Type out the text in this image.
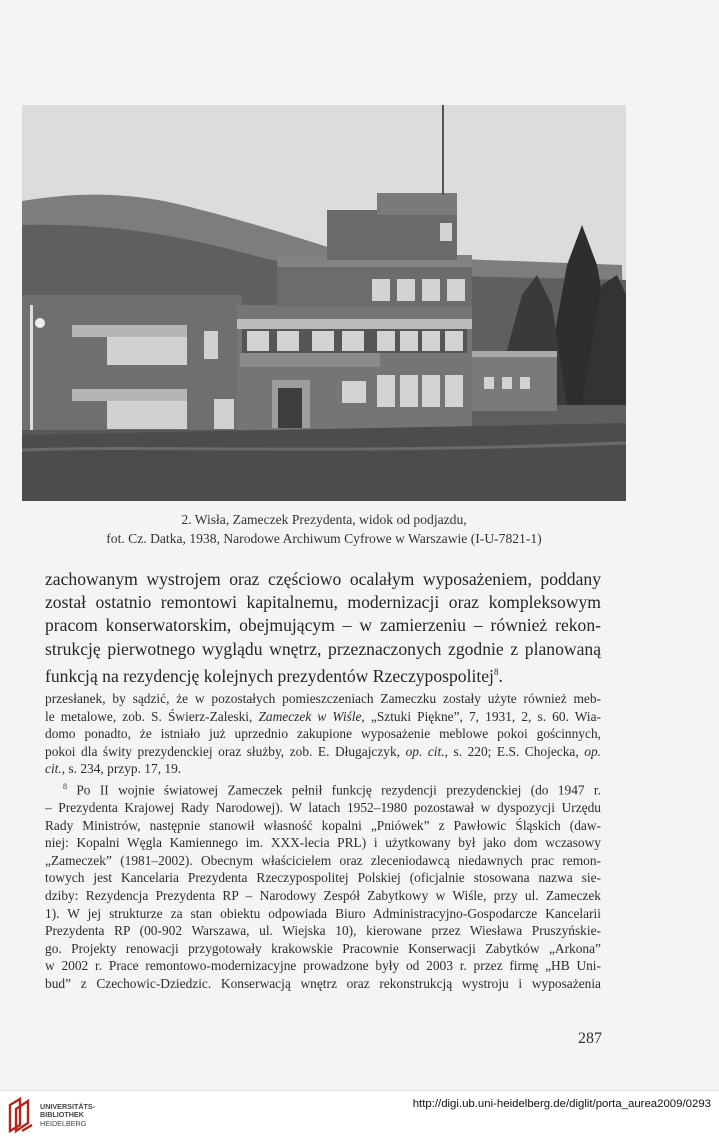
2. Wisła, Zameczek Prezydenta, widok od podjazdu,
fot. Cz. Datka, 1938, Narodowe Archiwum Cyfrowe w Warszawie (I-U-7821-1)
zachowanym wystrojem oraz częściowo ocalałym wyposażeniem, poddany
został ostatnio remontowi kapitalnemu, modernizacji oraz kompleksowym
pracom konserwatorskim, obejmującym – w zamierzeniu – również rekon-
strukcję pierwotnego wyglądu wnętrz, przeznaczonych zgodnie z planowaną
funkcją na rezydencję kolejnych prezydentów Rzeczypospolitej$^8$.
przesłanek, by sądzić, że w pozostałych pomieszczeniach Zameczku zostały użyte również meb-
le metalowe, zob. S. Świerz-Zaleski, Zameczek w Wiśle, „Sztuki Piękne”, 7, 1931, 2, s. 60. Wia-
domo ponadto, że istniało już uprzednio zakupione wyposażenie meblowe pokoi gościnnych,
pokoi dla świty prezydenckiej oraz służby, zob. E. Długajczyk, op. cit., s. 220; E.S. Chojecka, op.
cit., s. 234, przyp. 17, 19.
$^8$ Po II wojnie światowej Zameczek pełnił funkcję rezydencji prezydenckiej (do 1947 r.
– Prezydenta Krajowej Rady Narodowej). W latach 1952–1980 pozostawał w dyspozycji Urzędu
Rady Ministrów, następnie stanowił własność kopalni „Pniówek” z Pawłowic Śląskich (daw-
niej: Kopalni Węgla Kamiennego im. XXX-lecia PRL) i użytkowany był jako dom wczasowy
„Zameczek” (1981–2002). Obecnym właścicielem oraz zleceniodawcą niedawnych prac remon-
towych jest Kancelaria Prezydenta Rzeczypospolitej Polskiej (oficjalnie stosowana nazwa sie-
dziby: Rezydencja Prezydenta RP – Narodowy Zespół Zabytkowy w Wiśle, przy ul. Zameczek
1). W jej strukturze za stan obiektu odpowiada Biuro Administracyjno-Gospodarcze Kancelarii
Prezydenta RP (00-902 Warszawa, ul. Wiejska 10), kierowane przez Wiesława Pruszyńskie-
go. Projekty renowacji przygotowały krakowskie Pracownie Konserwacji Zabytków „Arkona”
w 2002 r. Prace remontowo-modernizacyjne prowadzone były od 2003 r. przez firmę „HB Uni-
bud” z Czechowic-Dziedzic. Konserwacją wnętrz oraz rekonstrukcją wystroju i wyposażenia
287
UNIVERSITÄTS-
BIBLIOTHEK
HEIDELBERG
http://digi.ub.uni-heidelberg.de/diglit/porta_aurea2009/0293
